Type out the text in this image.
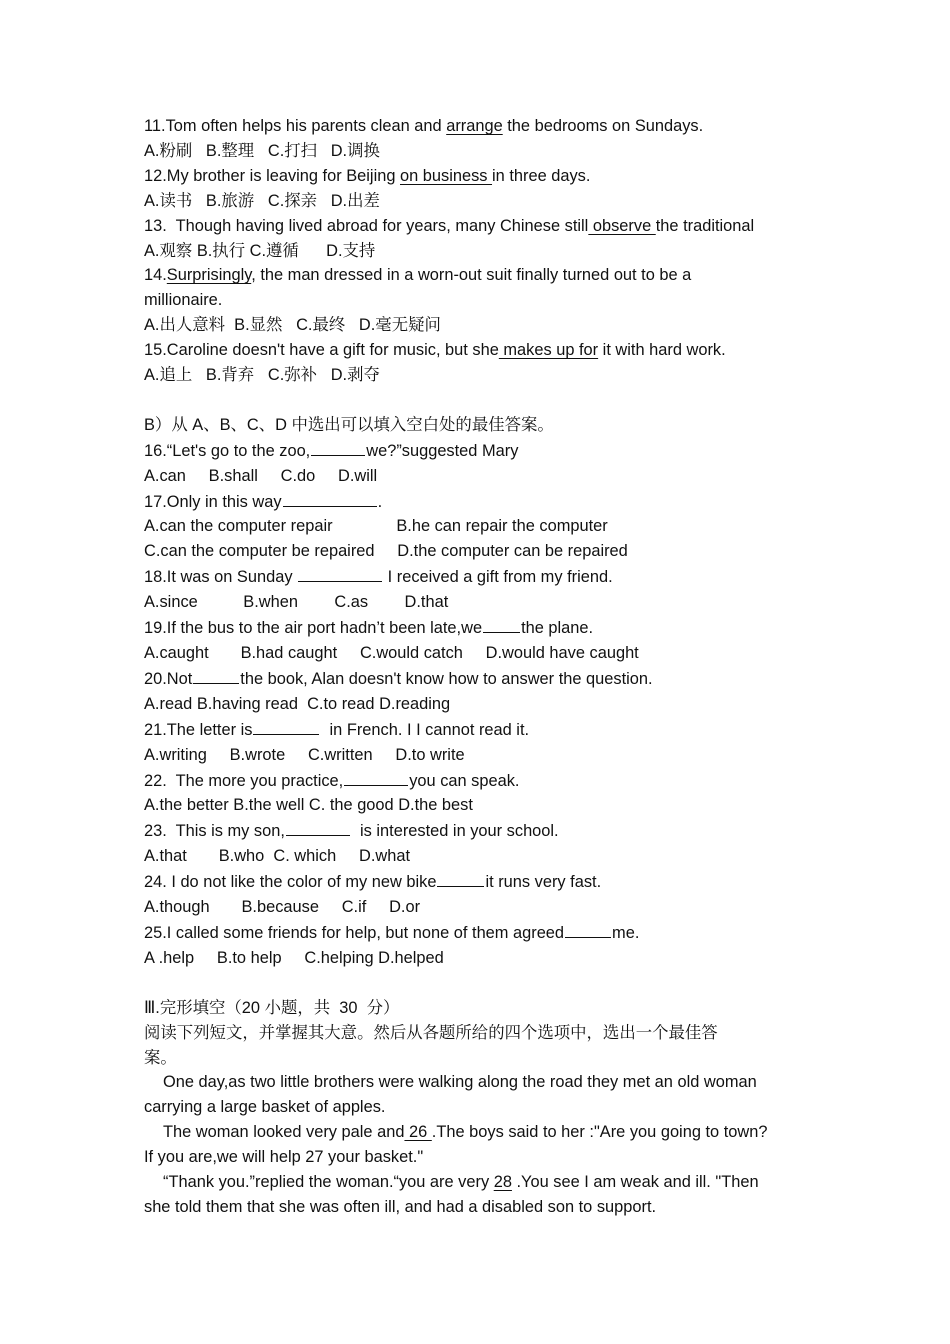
11.Tom often helps his parents clean and arrange the bedrooms on Sundays.
A.粉刷   B.整理   C.打扫   D.调换
12.My brother is leaving for Beijing on business in three days.
A.读书   B.旅游   C.探亲   D.出差
13.  Though having lived abroad for years, many Chinese still observe the traditional
A.观察 B.执行 C.遵循      D.支持
14.Surprisingly, the man dressed in a worn-out suit finally turned out to be a
millionaire.
A.出人意料  B.显然   C.最终   D.毫无疑问
15.Caroline doesn't have a gift for music, but she makes up for it with hard work.
A.追上   B.背弃   C.弥补   D.剥夺
B）从 A、B、C、D 中选出可以填入空白处的最佳答案。
16.“Let's go to the zoo,	we?”suggested Mary
A.can     B.shall     C.do     D.will
17.Only in this way	.
A.can the computer repair              B.he can repair the computer
C.can the computer be repaired     D.the computer can be repaired
18.It was on Sunday	I received a gift from my friend.
A.since          B.when        C.as        D.that
19.If the bus to the air port hadn’t been late,we the plane.
A.caught       B.had caught     C.would catch     D.would have caught
20.Not	the book, Alan doesn't know how to answer the question.
A.read B.having read  C.to read D.reading
21.The letter is	in French. I I cannot read it.
A.writing     B.wrote     C.written     D.to write
22.  The more you practice,	you can speak.
A.the better B.the well C. the good D.the best
23.  This is my son,	is interested in your school.
A.that       B.who  C. which     D.what
24. I do not like the color of my new bike	it runs very fast.
A.though       B.because     C.if     D.or
25.I called some friends for help, but none of them agreed	me.
A .help     B.to help     C.helping D.helped
Ⅲ.完形填空（20 小题，共  30  分）
阅读下列短文，并掌握其大意。然后从各题所给的四个选项中，选出一个最佳答
案。
One day,as two little brothers were walking along the road they met an old woman
carrying a large basket of apples.
The woman looked very pale and 26 .The boys said to her :"Are you going to town?
If you are,we will help 27 your basket."
“Thank you.”replied the woman.“you are very 28 .You see I am weak and ill. "Then
she told them that she was often ill, and had a disabled son to support.
